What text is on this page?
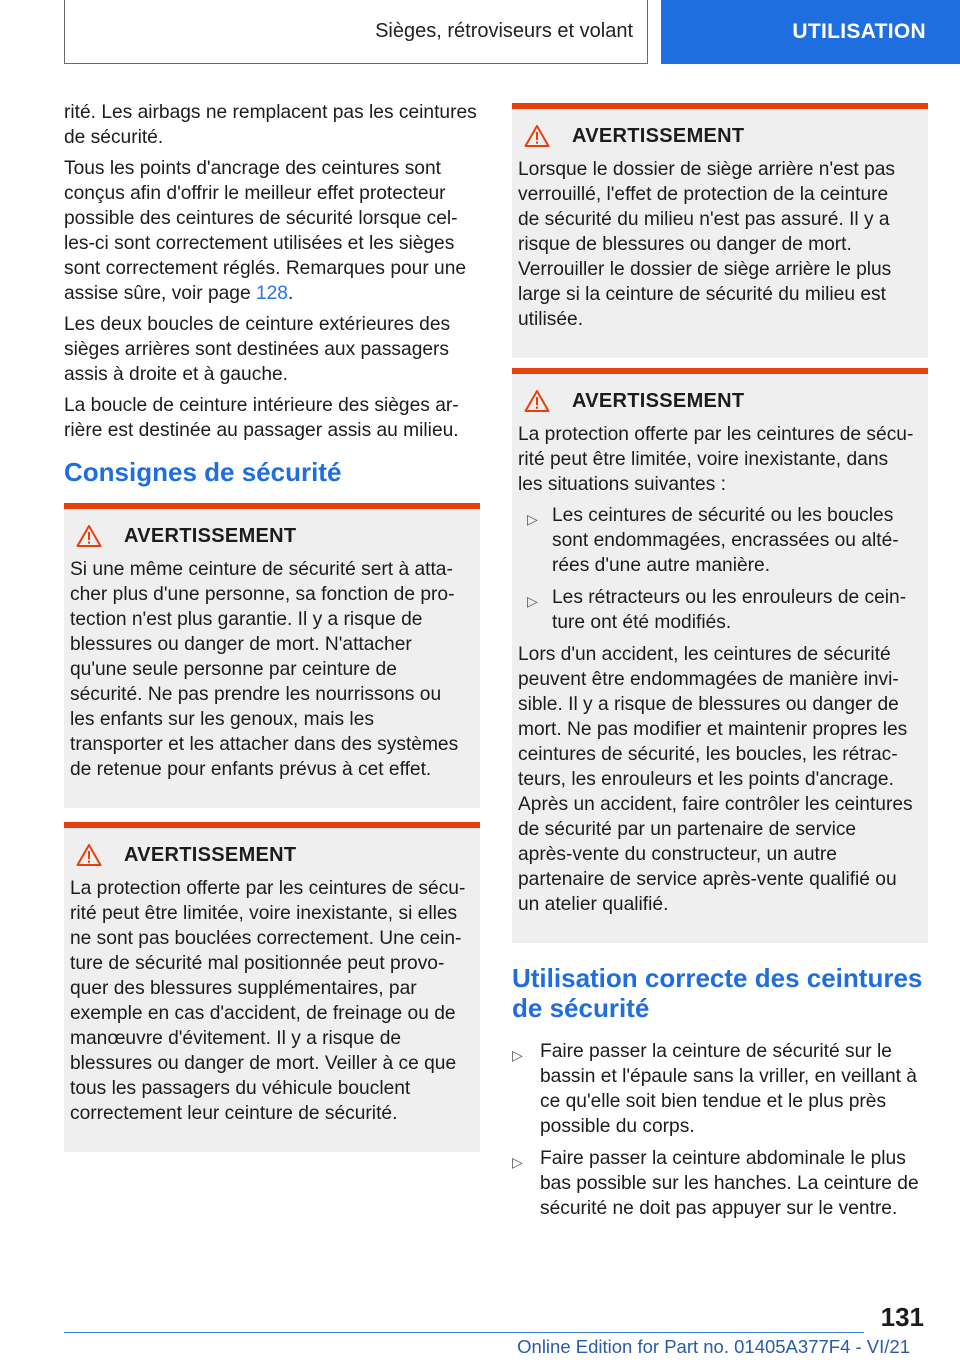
Sièges, rétroviseurs et volant	UTILISATION

rité. Les airbags ne remplacent pas les ceintures de sécurité.

Tous les points d'ancrage des ceintures sont conçus afin d'offrir le meilleur effet protecteur possible des ceintures de sécurité lorsque celles-ci sont correctement utilisées et les sièges sont correctement réglés. Remarques pour une assise sûre, voir page 128.

Les deux boucles de ceinture extérieures des sièges arrières sont destinées aux passagers assis à droite et à gauche.

La boucle de ceinture intérieure des sièges arrière est destinée au passager assis au milieu.

Consignes de sécurité
AVERTISSEMENT

Si une même ceinture de sécurité sert à attacher plus d'une personne, sa fonction de protection n'est plus garantie. Il y a risque de blessures ou danger de mort. N'attacher qu'une seule personne par ceinture de sécurité. Ne pas prendre les nourrissons ou les enfants sur les genoux, mais les transporter et les attacher dans des systèmes de retenue pour enfants prévus à cet effet.

AVERTISSEMENT

La protection offerte par les ceintures de sécurité peut être limitée, voire inexistante, si elles ne sont pas bouclées correctement. Une ceinture de sécurité mal positionnée peut provoquer des blessures supplémentaires, par exemple en cas d'accident, de freinage ou de manœuvre d'évitement. Il y a risque de blessures ou danger de mort. Veiller à ce que tous les passagers du véhicule bouclent correctement leur ceinture de sécurité.

AVERTISSEMENT

Lorsque le dossier de siège arrière n'est pas verrouillé, l'effet de protection de la ceinture de sécurité du milieu n'est pas assuré. Il y a risque de blessures ou danger de mort. Verrouiller le dossier de siège arrière le plus large si la ceinture de sécurité du milieu est utilisée.

AVERTISSEMENT

La protection offerte par les ceintures de sécurité peut être limitée, voire inexistante, dans les situations suivantes :

▷ Les ceintures de sécurité ou les boucles sont endommagées, encrassées ou altérées d'une autre manière.
▷ Les rétracteurs ou les enrouleurs de ceinture ont été modifiés.

Lors d'un accident, les ceintures de sécurité peuvent être endommagées de manière invisible. Il y a risque de blessures ou danger de mort. Ne pas modifier et maintenir propres les ceintures de sécurité, les boucles, les rétracteurs, les enrouleurs et les points d'ancrage. Après un accident, faire contrôler les ceintures de sécurité par un partenaire de service après-vente du constructeur, un autre partenaire de service après-vente qualifié ou un atelier qualifié.

Utilisation correcte des ceintures de sécurité
▷ Faire passer la ceinture de sécurité sur le bassin et l'épaule sans la vriller, en veillant à ce qu'elle soit bien tendue et le plus près possible du corps.
▷ Faire passer la ceinture abdominale le plus bas possible sur les hanches. La ceinture de sécurité ne doit pas appuyer sur le ventre.
131
Online Edition for Part no. 01405A377F4 - VI/21
